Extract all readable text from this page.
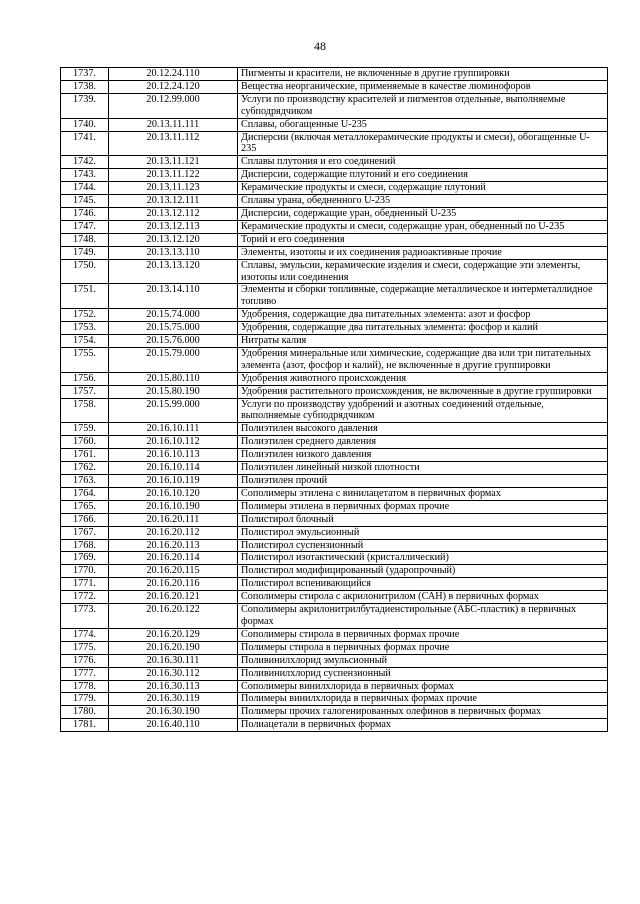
48
1737.	20.12.24.110	Пигменты и красители, не включенные в другие группировки
1738.	20.12.24.120	Вещества неорганические, применяемые в качестве люминофоров
1739.	20.12.99.000	Услуги по производству красителей и пигментов отдельные, выполняемые субподрядчиком
1740.	20.13.11.111	Сплавы, обогащенные U-235
1741.	20.13.11.112	Дисперсии (включая металлокерамические продукты и смеси), обогащенные U-235
1742.	20.13.11.121	Сплавы плутония и его соединений
1743.	20.13.11.122	Дисперсии, содержащие плутоний и его соединения
1744.	20.13.11.123	Керамические продукты и смеси, содержащие плутоний
1745.	20.13.12.111	Сплавы урана, обедненного U-235
1746.	20.13.12.112	Дисперсии, содержащие уран, обедненный U-235
1747.	20.13.12.113	Керамические продукты и смеси, содержащие уран, обедненный по U-235
1748.	20.13.12.120	Торий и его соединения
1749.	20.13.13.110	Элементы, изотопы и их соединения радиоактивные прочие
1750.	20.13.13.120	Сплавы, эмульсии, керамические изделия и смеси, содержащие эти элементы, изотопы или соединения
1751.	20.13.14.110	Элементы и сборки топливные, содержащие металлическое и интерметаллидное топливо
1752.	20.15.74.000	Удобрения, содержащие два питательных элемента: азот и фосфор
1753.	20.15.75.000	Удобрения, содержащие два питательных элемента: фосфор и калий
1754.	20.15.76.000	Нитраты калия
1755.	20.15.79.000	Удобрения минеральные или химические, содержащие два или три питательных элемента (азот, фосфор и калий), не включенные в другие группировки
1756.	20.15.80.110	Удобрения животного происхождения
1757.	20.15.80.190	Удобрения растительного происхождения, не включенные в другие группировки
1758.	20.15.99.000	Услуги по производству удобрений и азотных соединений отдельные, выполняемые субподрядчиком
1759.	20.16.10.111	Полиэтилен высокого давления
1760.	20.16.10.112	Полиэтилен среднего давления
1761.	20.16.10.113	Полиэтилен низкого давления
1762.	20.16.10.114	Полиэтилен линейный низкой плотности
1763.	20.16.10.119	Полиэтилен прочий
1764.	20.16.10.120	Сополимеры этилена с винилацетатом в первичных формах
1765.	20.16.10.190	Полимеры этилена в первичных формах прочие
1766.	20.16.20.111	Полистирол блочный
1767.	20.16.20.112	Полистирол эмульсионный
1768.	20.16.20.113	Полистирол суспензионный
1769.	20.16.20.114	Полистирол изотактический (кристаллический)
1770.	20.16.20.115	Полистирол модифицированный (ударопрочный)
1771.	20.16.20.116	Полистирол вспенивающийся
1772.	20.16.20.121	Сополимеры стирола с акрилонитрилом (САН) в первичных формах
1773.	20.16.20.122	Сополимеры акрилонитрилбутадиенстирольные (АБС-пластик) в первичных формах
1774.	20.16.20.129	Сополимеры стирола в первичных формах прочие
1775.	20.16.20.190	Полимеры стирола в первичных формах прочие
1776.	20.16.30.111	Поливинилхлорид эмульсионный
1777.	20.16.30.112	Поливинилхлорид суспензионный
1778.	20.16.30.113	Сополимеры винилхлорида в первичных формах
1779.	20.16.30.119	Полимеры винилхлорида в первичных формах прочие
1780.	20.16.30.190	Полимеры прочих галогенированных олефинов в первичных формах
1781.	20.16.40.110	Полиацетали в первичных формах
